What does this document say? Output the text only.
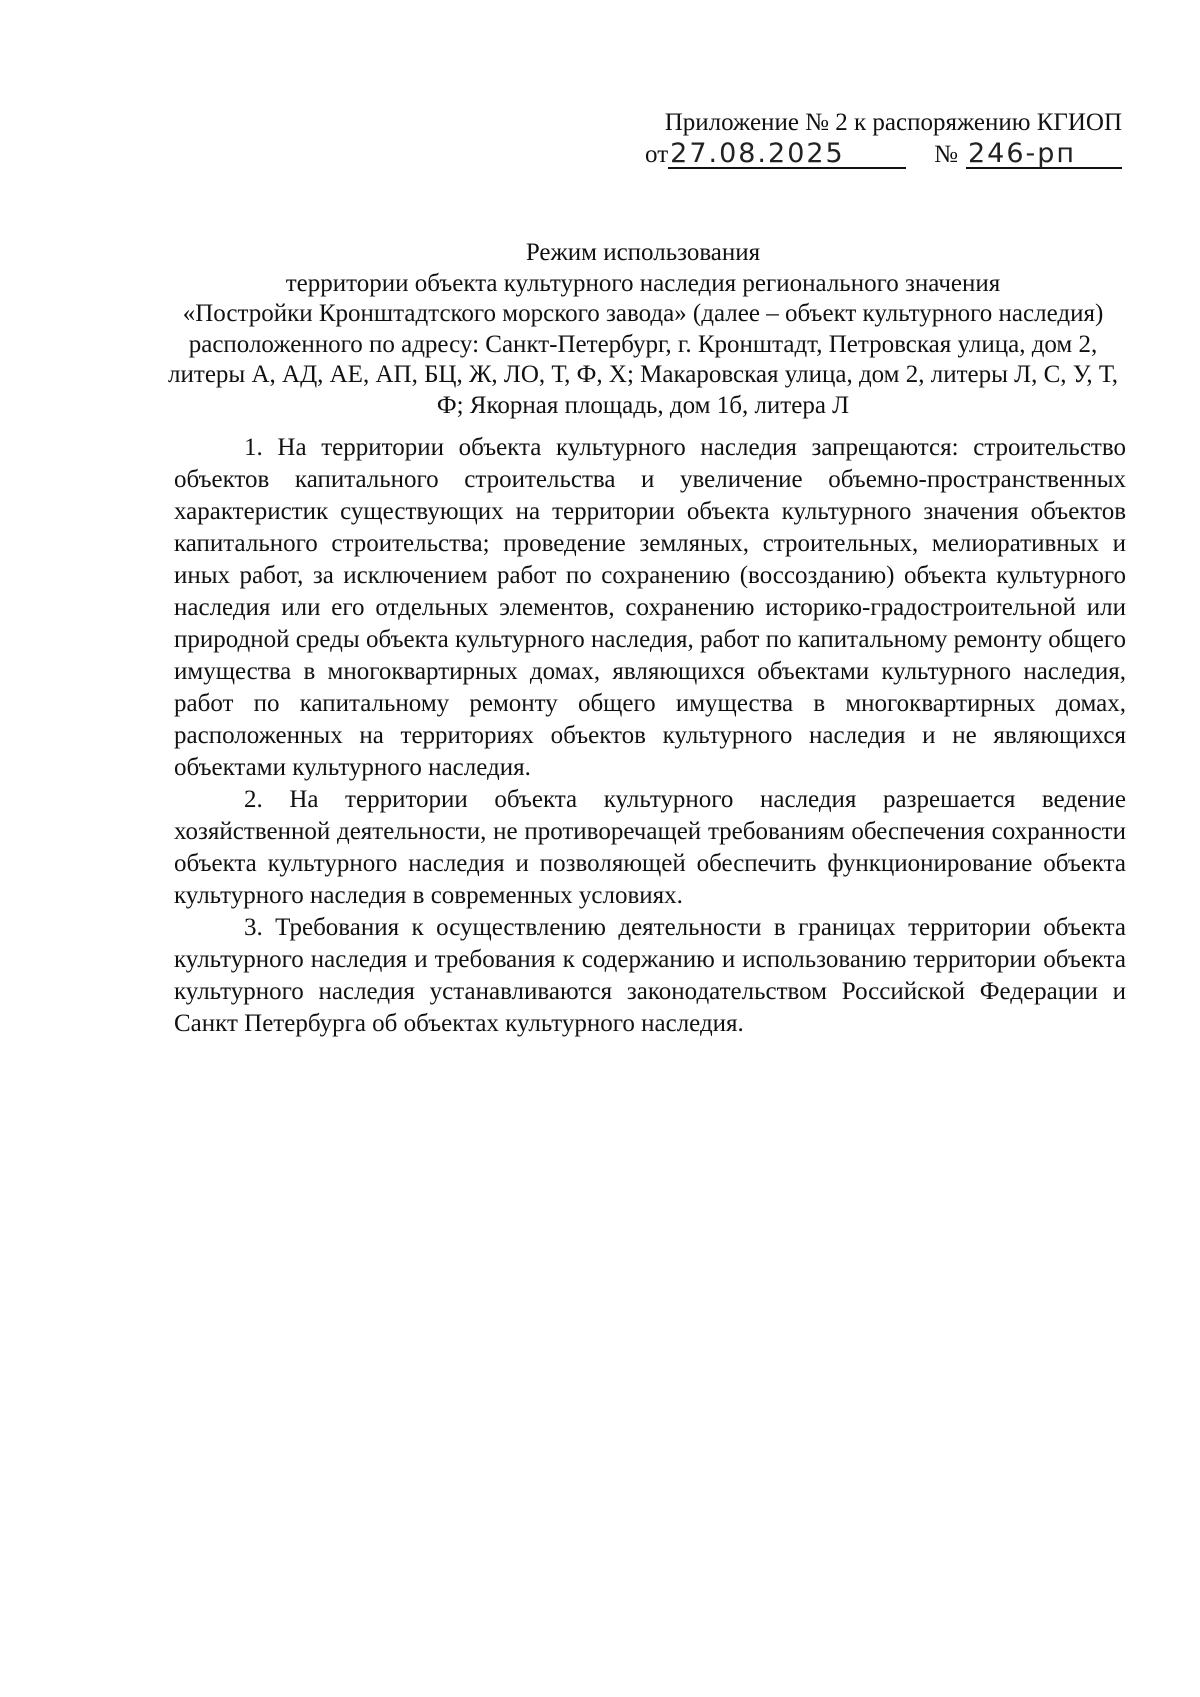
Приложение № 2 к распоряжению КГИОП
от 27.08.2025	№ 246-рп
Режим использования
территории объекта культурного наследия регионального значения
«Постройки Кронштадтского морского завода» (далее – объект культурного наследия)
расположенного по адресу: Санкт-Петербург, г. Кронштадт, Петровская улица, дом 2,
литеры А, АД, АЕ, АП, БЦ, Ж, ЛО, Т, Ф, Х; Макаровская улица, дом 2, литеры Л, С, У, Т,
Ф; Якорная площадь, дом 1б, литера Л

1. На территории объекта культурного наследия запрещаются: строительство объектов капитального строительства и увеличение объемно-пространственных характеристик существующих на территории объекта культурного значения объектов капитального строительства; проведение земляных, строительных, мелиоративных и иных работ, за исключением работ по сохранению (воссозданию) объекта культурного наследия или его отдельных элементов, сохранению историко-градостроительной или природной среды объекта культурного наследия, работ по капитальному ремонту общего имущества в многоквартирных домах, являющихся объектами культурного наследия, работ по капитальному ремонту общего имущества в многоквартирных домах, расположенных на территориях объектов культурного наследия и не являющихся объектами культурного наследия.

2. На территории объекта культурного наследия разрешается ведение хозяйственной деятельности, не противоречащей требованиям обеспечения сохранности объекта культурного наследия и позволяющей обеспечить функционирование объекта культурного наследия в современных условиях.

3. Требования к осуществлению деятельности в границах территории объекта культурного наследия и требования к содержанию и использованию территории объекта культурного наследия устанавливаются законодательством Российской Федерации и Санкт Петербурга об объектах культурного наследия.
